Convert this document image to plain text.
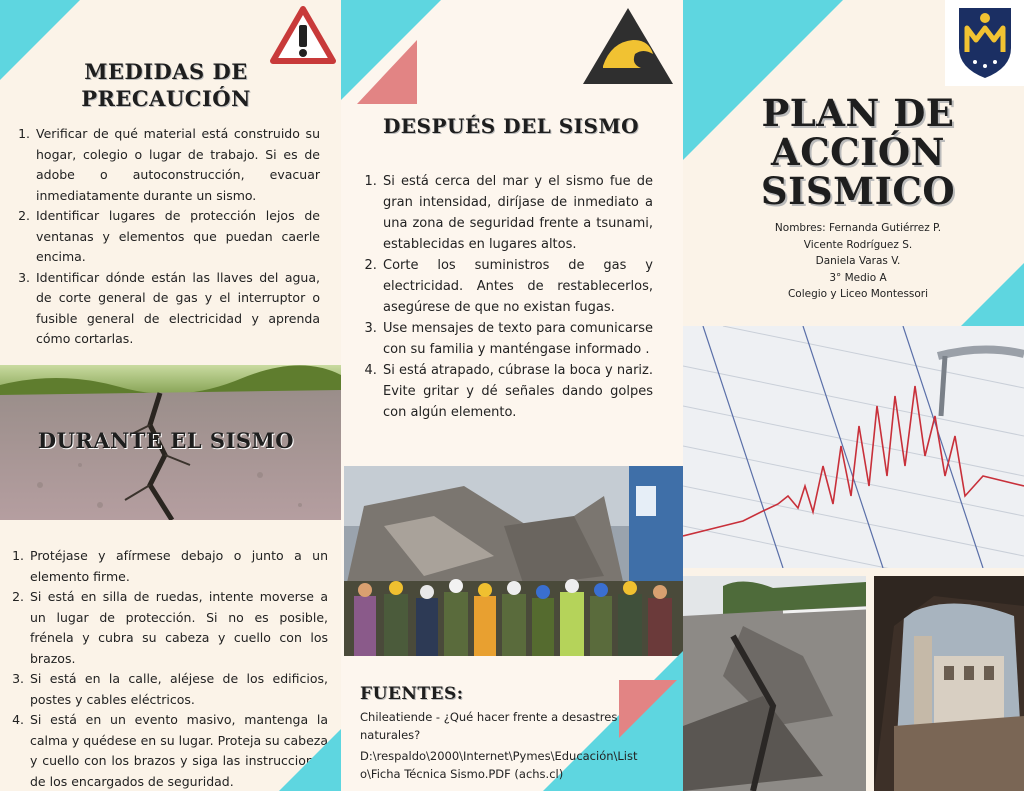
MEDIDAS DE
PRECAUCIÓN
1. Verificar de qué material está construido su hogar, colegio o lugar de trabajo. Si es de adobe o autoconstrucción, evacuar inmediatamente durante un sismo.
2. Identificar lugares de protección lejos de ventanas y elementos que puedan caerle encima.
3. Identificar dónde están las llaves del agua, de corte general de gas y el interruptor o fusible general de electricidad y aprenda cómo cortarlas.
DURANTE EL SISMO
1. Protéjase y afírmese debajo o junto a un elemento firme.
2. Si está en silla de ruedas, intente moverse a un lugar de protección. Si no es posible, frénela y cubra su cabeza y cuello con los brazos.
3. Si está en la calle, aléjese de los edificios, postes y cables eléctricos.
4. Si está en un evento masivo, mantenga la calma y quédese en su lugar. Proteja su cabeza y cuello con los brazos y siga las instrucciones de los encargados de seguridad.
DESPUÉS DEL SISMO
1. Si está cerca del mar y el sismo fue de gran intensidad, diríjase de inmediato a una zona de seguridad frente a tsunami, establecidas en lugares altos.
2. Corte los suministros de gas y electricidad. Antes de restablecerlos, asegúrese de que no existan fugas.
3. Use mensajes de texto para comunicarse con su familia y manténgase informado .
4. Si está atrapado, cúbrase la boca y nariz. Evite gritar y dé señales dando golpes con algún elemento.
FUENTES:
Chileatiende - ¿Qué hacer frente a desastres naturales?
D:\respaldo\2000\Internet\Pymes\Educación\Listo\Ficha Técnica Sismo.PDF (achs.cl)
PLAN DE
ACCIÓN
SISMICO
Nombres: Fernanda Gutiérrez P.
Vicente Rodríguez S.
Daniela Varas V.
3° Medio A
Colegio y Liceo Montessori
